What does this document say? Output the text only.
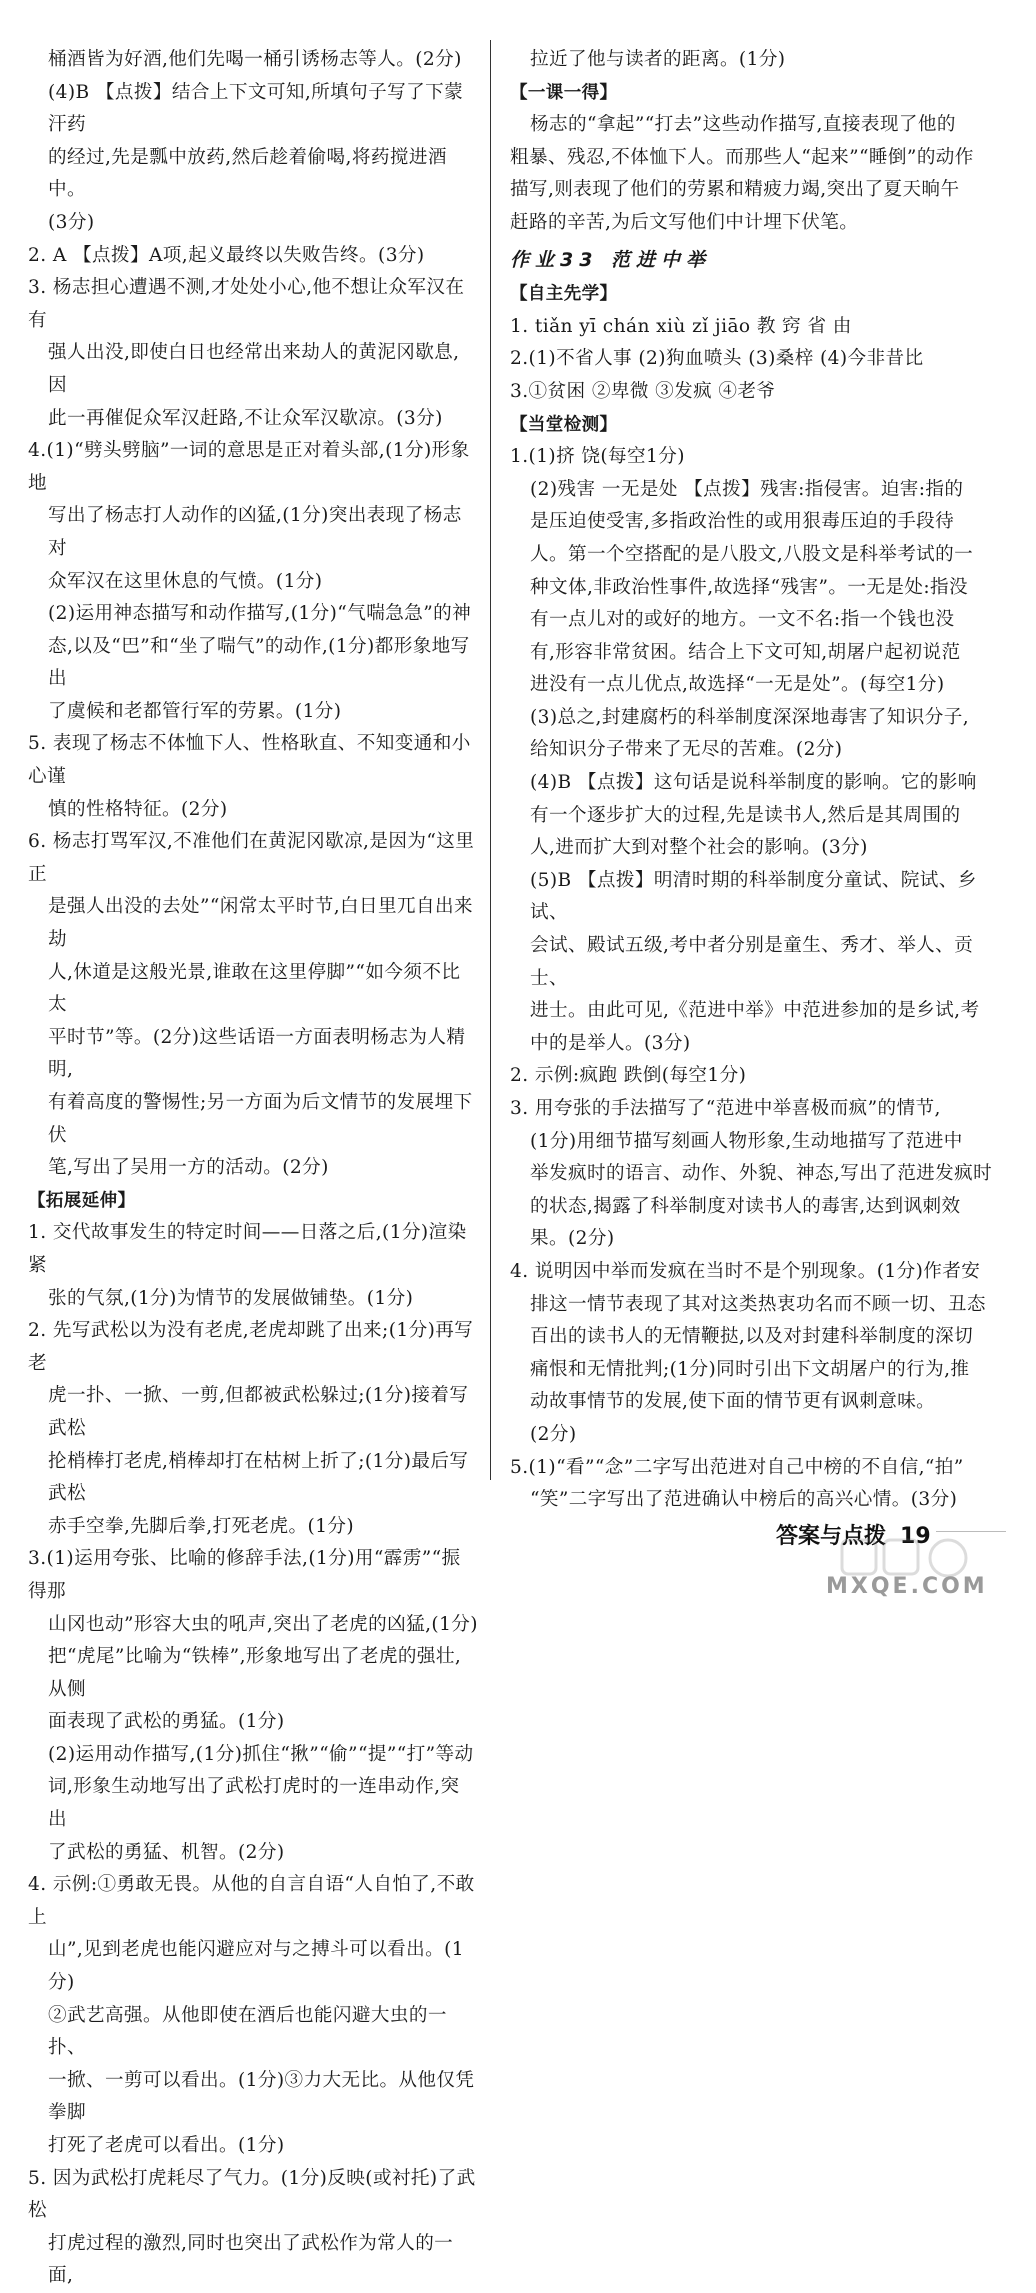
桶酒皆为好酒,他们先喝一桶引诱杨志等人。(2分)
(4)B 【点拨】结合上下文可知,所填句子写了下蒙汗药
的经过,先是瓢中放药,然后趁着偷喝,将药搅进酒中。
(3分)
2. A 【点拨】A项,起义最终以失败告终。(3分)
3. 杨志担心遭遇不测,才处处小心,他不想让众军汉在有
强人出没,即使白日也经常出来劫人的黄泥冈歇息,因
此一再催促众军汉赶路,不让众军汉歇凉。(3分)
4.(1)“劈头劈脑”一词的意思是正对着头部,(1分)形象地
写出了杨志打人动作的凶猛,(1分)突出表现了杨志对
众军汉在这里休息的气愤。(1分)
(2)运用神态描写和动作描写,(1分)“气喘急急”的神
态,以及“巴”和“坐了喘气”的动作,(1分)都形象地写出
了虞候和老都管行军的劳累。(1分)
5. 表现了杨志不体恤下人、性格耿直、不知变通和小心谨
慎的性格特征。(2分)
6. 杨志打骂军汉,不准他们在黄泥冈歇凉,是因为“这里正
是强人出没的去处”“闲常太平时节,白日里兀自出来劫
人,休道是这般光景,谁敢在这里停脚”“如今须不比太
平时节”等。(2分)这些话语一方面表明杨志为人精明,
有着高度的警惕性;另一方面为后文情节的发展埋下伏
笔,写出了吴用一方的活动。(2分)
【拓展延伸】
1. 交代故事发生的特定时间——日落之后,(1分)渲染紧
张的气氛,(1分)为情节的发展做铺垫。(1分)
2. 先写武松以为没有老虎,老虎却跳了出来;(1分)再写老
虎一扑、一掀、一剪,但都被武松躲过;(1分)接着写武松
抡梢棒打老虎,梢棒却打在枯树上折了;(1分)最后写武松
赤手空拳,先脚后拳,打死老虎。(1分)
3.(1)运用夸张、比喻的修辞手法,(1分)用“霹雳”“振得那
山冈也动”形容大虫的吼声,突出了老虎的凶猛,(1分)
把“虎尾”比喻为“铁棒”,形象地写出了老虎的强壮,从侧
面表现了武松的勇猛。(1分)
(2)运用动作描写,(1分)抓住“揪”“偷”“提”“打”等动
词,形象生动地写出了武松打虎时的一连串动作,突出
了武松的勇猛、机智。(2分)
4. 示例:①勇敢无畏。从他的自言自语“人自怕了,不敢上
山”,见到老虎也能闪避应对与之搏斗可以看出。(1分)
②武艺高强。从他即使在酒后也能闪避大虫的一扑、
一掀、一剪可以看出。(1分)③力大无比。从他仅凭拳脚
打死了老虎可以看出。(1分)
5. 因为武松打虎耗尽了气力。(1分)反映(或衬托)了武松
打虎过程的激烈,同时也突出了武松作为常人的一面,
拉近了他与读者的距离。(1分)
【一课一得】
杨志的“拿起”“打去”这些动作描写,直接表现了他的
粗暴、残忍,不体恤下人。而那些人“起来”“睡倒”的动作
描写,则表现了他们的劳累和精疲力竭,突出了夏天晌午
赶路的辛苦,为后文写他们中计埋下伏笔。
作业33 范进中举
【自主先学】
1. tiǎn yī chán xiù zǐ jiāo 教 窍 省 由
2.(1)不省人事 (2)狗血喷头 (3)桑梓 (4)今非昔比
3.①贫困 ②卑微 ③发疯 ④老爷
【当堂检测】
1.(1)挤 饶(每空1分)
(2)残害 一无是处 【点拨】残害:指侵害。迫害:指的
是压迫使受害,多指政治性的或用狠毒压迫的手段待
人。第一个空搭配的是八股文,八股文是科举考试的一
种文体,非政治性事件,故选择“残害”。一无是处:指没
有一点儿对的或好的地方。一文不名:指一个钱也没
有,形容非常贫困。结合上下文可知,胡屠户起初说范
进没有一点儿优点,故选择“一无是处”。(每空1分)
(3)总之,封建腐朽的科举制度深深地毒害了知识分子,
给知识分子带来了无尽的苦难。(2分)
(4)B 【点拨】这句话是说科举制度的影响。它的影响
有一个逐步扩大的过程,先是读书人,然后是其周围的
人,进而扩大到对整个社会的影响。(3分)
(5)B 【点拨】明清时期的科举制度分童试、院试、乡试、
会试、殿试五级,考中者分别是童生、秀才、举人、贡士、
进士。由此可见,《范进中举》中范进参加的是乡试,考
中的是举人。(3分)
2. 示例:疯跑 跌倒(每空1分)
3. 用夸张的手法描写了“范进中举喜极而疯”的情节,
(1分)用细节描写刻画人物形象,生动地描写了范进中
举发疯时的语言、动作、外貌、神态,写出了范进发疯时
的状态,揭露了科举制度对读书人的毒害,达到讽刺效
果。(2分)
4. 说明因中举而发疯在当时不是个别现象。(1分)作者安
排这一情节表现了其对这类热衷功名而不顾一切、丑态
百出的读书人的无情鞭挞,以及对封建科举制度的深切
痛恨和无情批判;(1分)同时引出下文胡屠户的行为,推
动故事情节的发展,使下面的情节更有讽刺意味。
(2分)
5.(1)“看”“念”二字写出范进对自己中榜的不自信,“拍”
“笑”二字写出了范进确认中榜后的高兴心情。(3分)
答案与点拨 19
MXQE.COM
